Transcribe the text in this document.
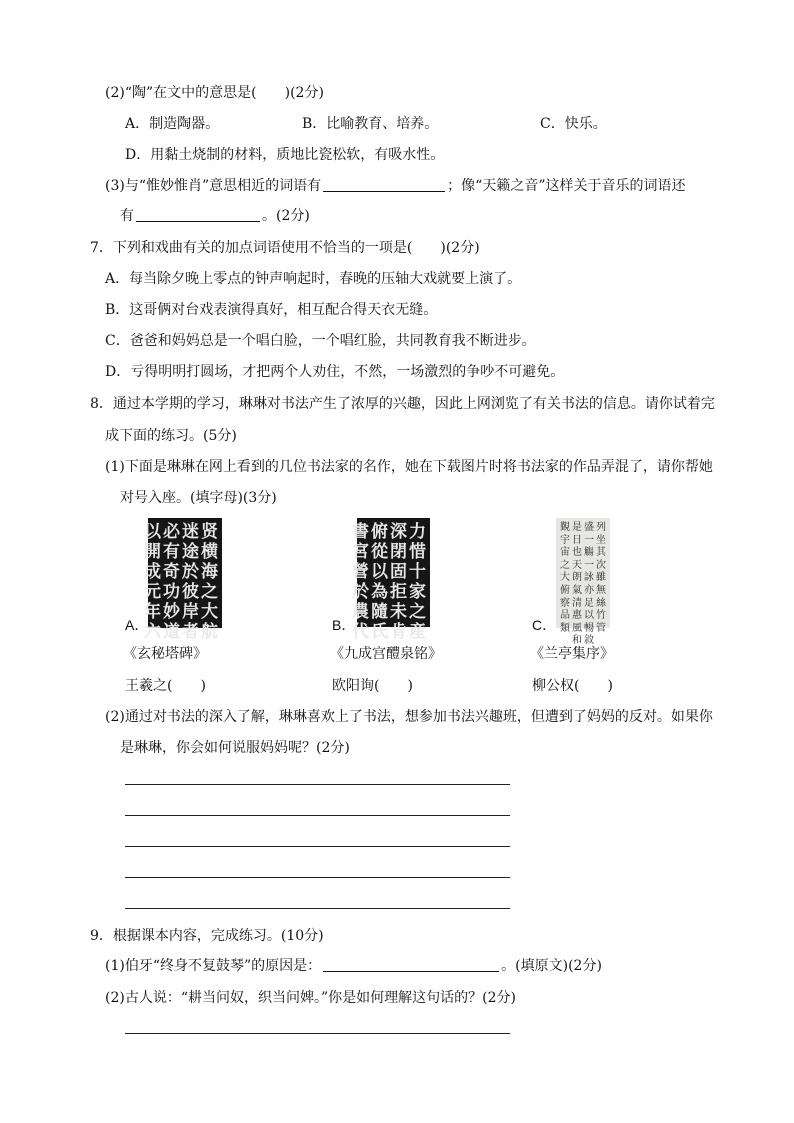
(2)“陶”在文中的意思是(　　)(2分)
A．制造陶器。	B．比喻教育、培养。	C．快乐。
D．用黏土烧制的材料，质地比瓷松软，有吸水性。
(3)与“惟妙惟肖”意思相近的词语有	；像“天籁之音”这样关于音乐的词语还
有	。(2分)
7．下列和戏曲有关的加点词语使用不恰当的一项是(　　)(2分)
A．每当除夕晚上零点的钟声响起时，春晚的压轴大戏就要上演了。
B．这哥俩对台戏表演得真好，相互配合得天衣无缝。
C．爸爸和妈妈总是一个唱白脸，一个唱红脸，共同教育我不断进步。
D．亏得明明打圆场，才把两个人劝住，不然，一场激烈的争吵不可避免。
8．通过本学期的学习，琳琳对书法产生了浓厚的兴趣，因此上网浏览了有关书法的信息。请你试着完
成下面的练习。(5分)
(1)下面是琳琳在网上看到的几位书法家的名作，她在下载图片时将书法家的作品弄混了，请你帮她
对号入座。(填字母)(3分)
贤
横
海
之
大
航
迷
途
於
彼
岸
者
必
有
奇
功
妙
道
以
開
成
元
年
六
力
惜
十
家
之
産
深
閉
固
拒
未
肯
俯
從
以
為
隨
氏
書
宮
營
於
農
代
列
坐
其
次
雖
無
絲
竹
管
盛
一
觴
一
詠
亦
足
以
暢
敘
是
日
也
天
朗
氣
清
惠
風
和
覲
宇
宙
之
大
俯
察
品
類
A．	B．	C．
《玄秘塔碑》	《九成宫醴泉铭》	《兰亭集序》
王羲之(　　)	欧阳询(　　)	柳公权(　　)
(2)通过对书法的深入了解，琳琳喜欢上了书法，想参加书法兴趣班，但遭到了妈妈的反对。如果你
是琳琳，你会如何说服妈妈呢？(2分)
9．根据课本内容，完成练习。(10分)
(1)伯牙“终身不复鼓琴”的原因是：	。(填原文)(2分)
(2)古人说：“耕当问奴，织当问婢。”你是如何理解这句话的？(2分)
